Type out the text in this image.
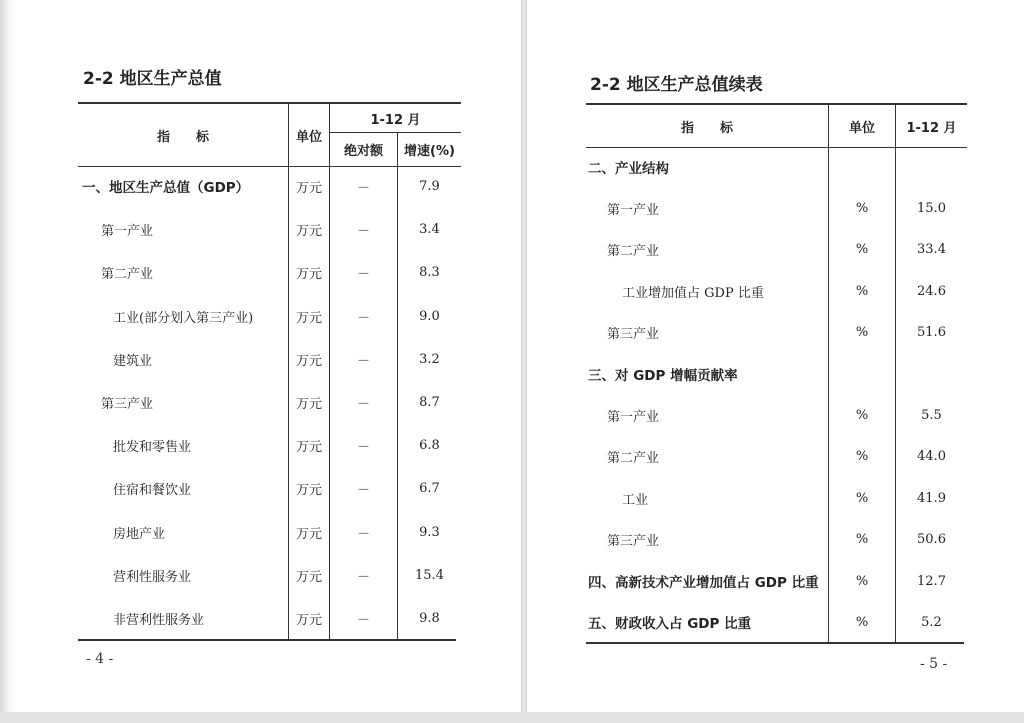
2-2 地区生产总值
指　　标	单位
1-12 月
绝对额	增速(%)
一、地区生产总值（GDP）	万元	－	7.9
第一产业	万元	－	3.4
第二产业	万元	－	8.3
工业(部分划入第三产业)	万元	－	9.0
建筑业	万元	－	3.2
第三产业	万元	－	8.7
批发和零售业	万元	－	6.8
住宿和餐饮业	万元	－	6.7
房地产业	万元	－	9.3
营利性服务业	万元	－	15.4
非营利性服务业	万元	－	9.8
- 4 -
2-2 地区生产总值续表
指　　标	单位	1-12 月
二、产业结构
第一产业	%	15.0
第二产业	%	33.4
工业增加值占 GDP 比重	%	24.6
第三产业	%	51.6
三、对 GDP 增幅贡献率
第一产业	%	5.5
第二产业	%	44.0
工业	%	41.9
第三产业	%	50.6
四、高新技术产业增加值占 GDP 比重	%	12.7
五、财政收入占 GDP 比重	%	5.2
- 5 -
